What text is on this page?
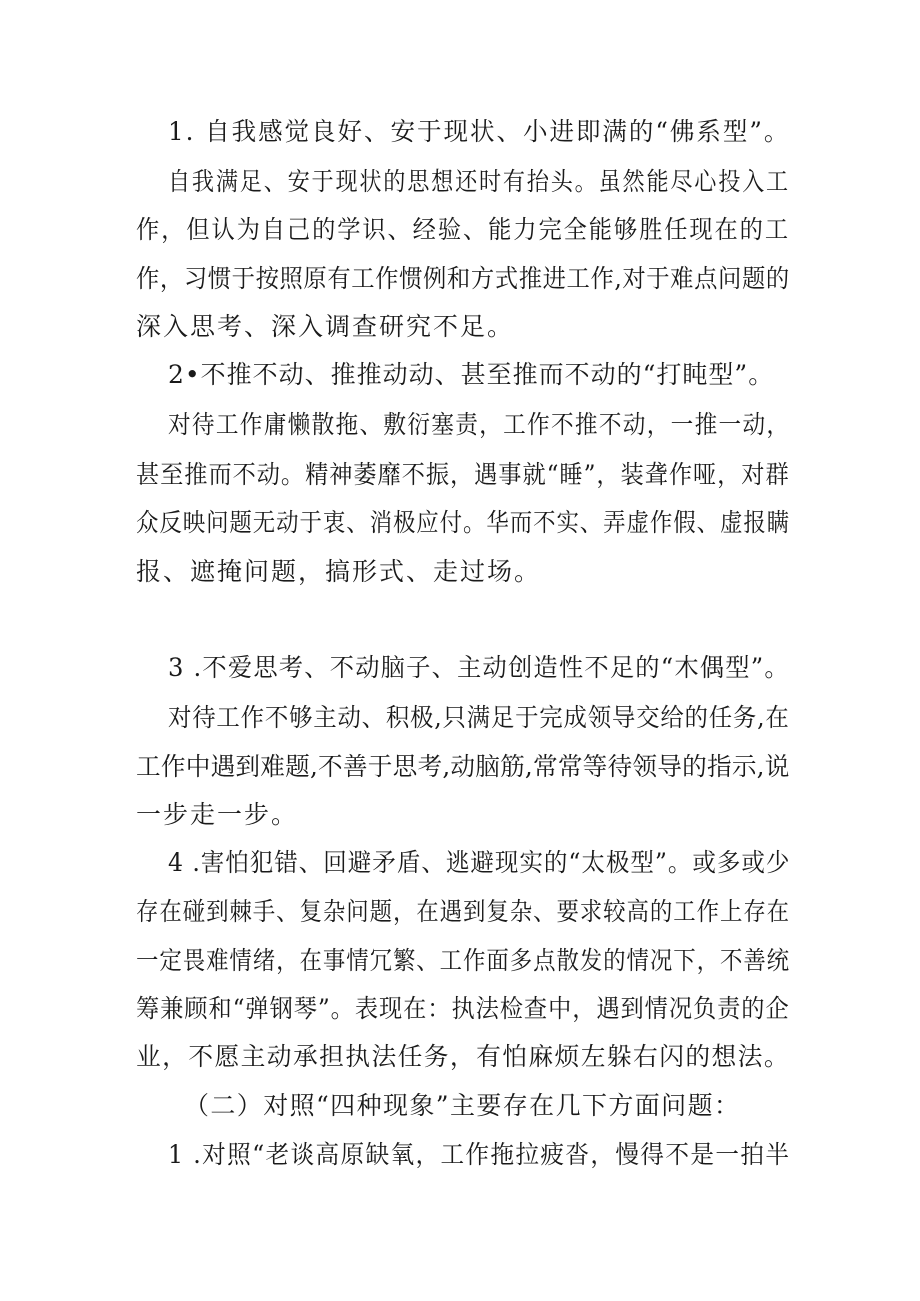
1. 自我感觉良好、安于现状、小进即满的“佛系型”。
自我满足、安于现状的思想还时有抬头。虽然能尽心投入工
作，但认为自己的学识、经验、能力完全能够胜任现在的工
作，习惯于按照原有工作惯例和方式推进工作,对于难点问题的
深入思考、深入调查研究不足。
2•不推不动、推推动动、甚至推而不动的“打盹型”。
对待工作庸懒散拖、敷衍塞责，工作不推不动，一推一动，
甚至推而不动。精神萎靡不振，遇事就“睡”，装聋作哑，对群
众反映问题无动于衷、消极应付。华而不实、弄虚作假、虚报瞒
报、遮掩问题，搞形式、走过场。
3 .不爱思考、不动脑子、主动创造性不足的“木偶型”。
对待工作不够主动、积极,只满足于完成领导交给的任务,在
工作中遇到难题,不善于思考,动脑筋,常常等待领导的指示,说
一步走一步。
4 .害怕犯错、回避矛盾、逃避现实的“太极型”。或多或少
存在碰到棘手、复杂问题，在遇到复杂、要求较高的工作上存在
一定畏难情绪，在事情冗繁、工作面多点散发的情况下，不善统
筹兼顾和“弹钢琴”。表现在：执法检查中，遇到情况负责的企
业，不愿主动承担执法任务，有怕麻烦左躲右闪的想法。
（二）对照“四种现象”主要存在几下方面问题：
1 .对照“老谈高原缺氧，工作拖拉疲沓，慢得不是一拍半
